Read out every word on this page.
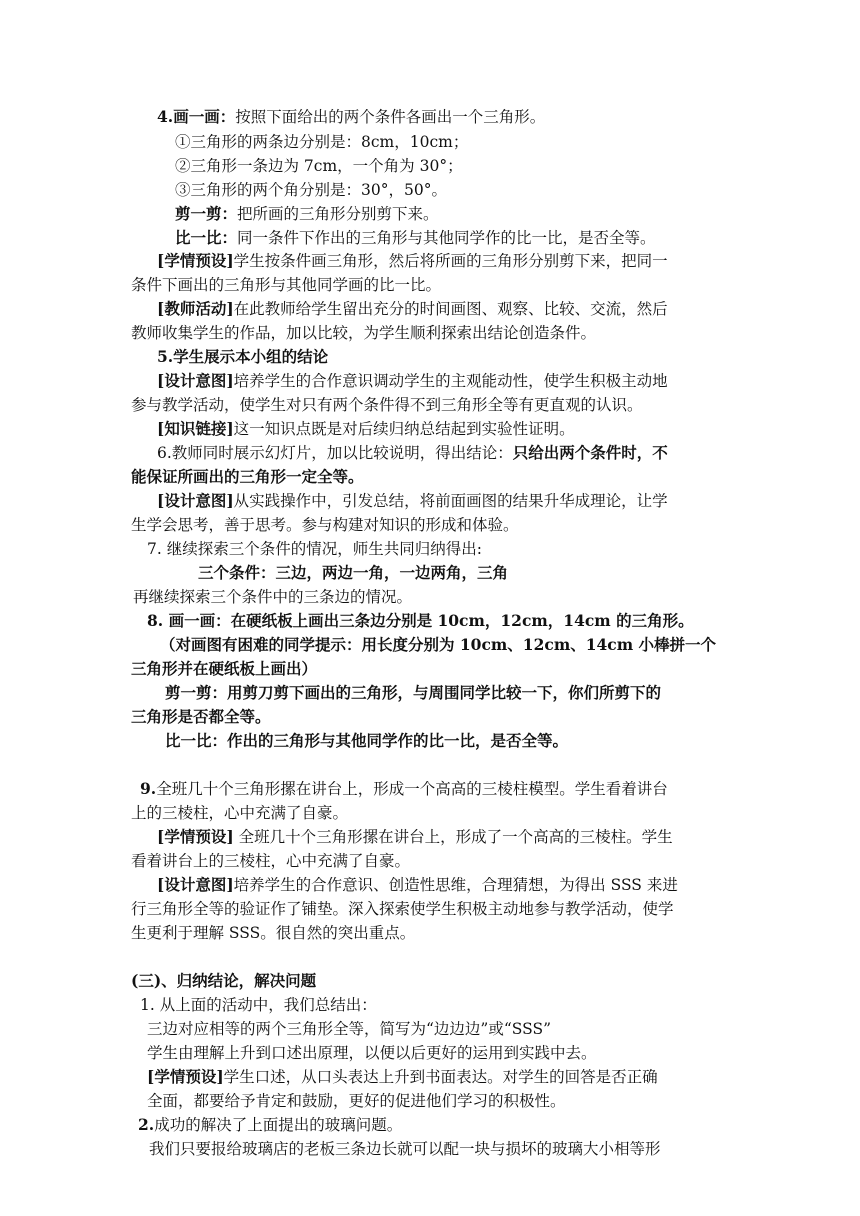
4.画一画：按照下面给出的两个条件各画出一个三角形。
①三角形的两条边分别是：8cm，10cm；
②三角形一条边为 7cm，一个角为 30°；
③三角形的两个角分别是：30°，50°。
剪一剪：把所画的三角形分别剪下来。
比一比：同一条件下作出的三角形与其他同学作的比一比，是否全等。
[学情预设]学生按条件画三角形，然后将所画的三角形分别剪下来，把同一
条件下画出的三角形与其他同学画的比一比。
[教师活动]在此教师给学生留出充分的时间画图、观察、比较、交流，然后
教师收集学生的作品，加以比较，为学生顺利探索出结论创造条件。
5.学生展示本小组的结论
[设计意图]培养学生的合作意识调动学生的主观能动性，使学生积极主动地
参与教学活动，使学生对只有两个条件得不到三角形全等有更直观的认识。
[知识链接]这一知识点既是对后续归纳总结起到实验性证明。
6.教师同时展示幻灯片，加以比较说明，得出结论：只给出两个条件时，不
能保证所画出的三角形一定全等。
[设计意图]从实践操作中，引发总结，将前面画图的结果升华成理论，让学
生学会思考，善于思考。参与构建对知识的形成和体验。
7. 继续探索三个条件的情况，师生共同归纳得出:
三个条件：三边，两边一角，一边两角，三角
再继续探索三个条件中的三条边的情况。
8. 画一画：在硬纸板上画出三条边分别是 10cm，12cm，14cm 的三角形。
（对画图有困难的同学提示：用长度分别为 10cm、12cm、14cm 小棒拼一个
三角形并在硬纸板上画出）
剪一剪：用剪刀剪下画出的三角形，与周围同学比较一下，你们所剪下的
三角形是否都全等。
比一比：作出的三角形与其他同学作的比一比，是否全等。
9.全班几十个三角形摞在讲台上，形成一个高高的三棱柱模型。学生看着讲台
上的三棱柱，心中充满了自豪。
[学情预设] 全班几十个三角形摞在讲台上，形成了一个高高的三棱柱。学生
看着讲台上的三棱柱，心中充满了自豪。
[设计意图]培养学生的合作意识、创造性思维，合理猜想，为得出 SSS 来进
行三角形全等的验证作了铺垫。深入探索使学生积极主动地参与教学活动，使学
生更利于理解 SSS。很自然的突出重点。
(三)、归纳结论，解决问题
1. 从上面的活动中，我们总结出：
三边对应相等的两个三角形全等，简写为“边边边”或“SSS”
学生由理解上升到口述出原理，以便以后更好的运用到实践中去。
[学情预设]学生口述，从口头表达上升到书面表达。对学生的回答是否正确
全面，都要给予肯定和鼓励，更好的促进他们学习的积极性。
2.成功的解决了上面提出的玻璃问题。
我们只要报给玻璃店的老板三条边长就可以配一块与损坏的玻璃大小相等形
